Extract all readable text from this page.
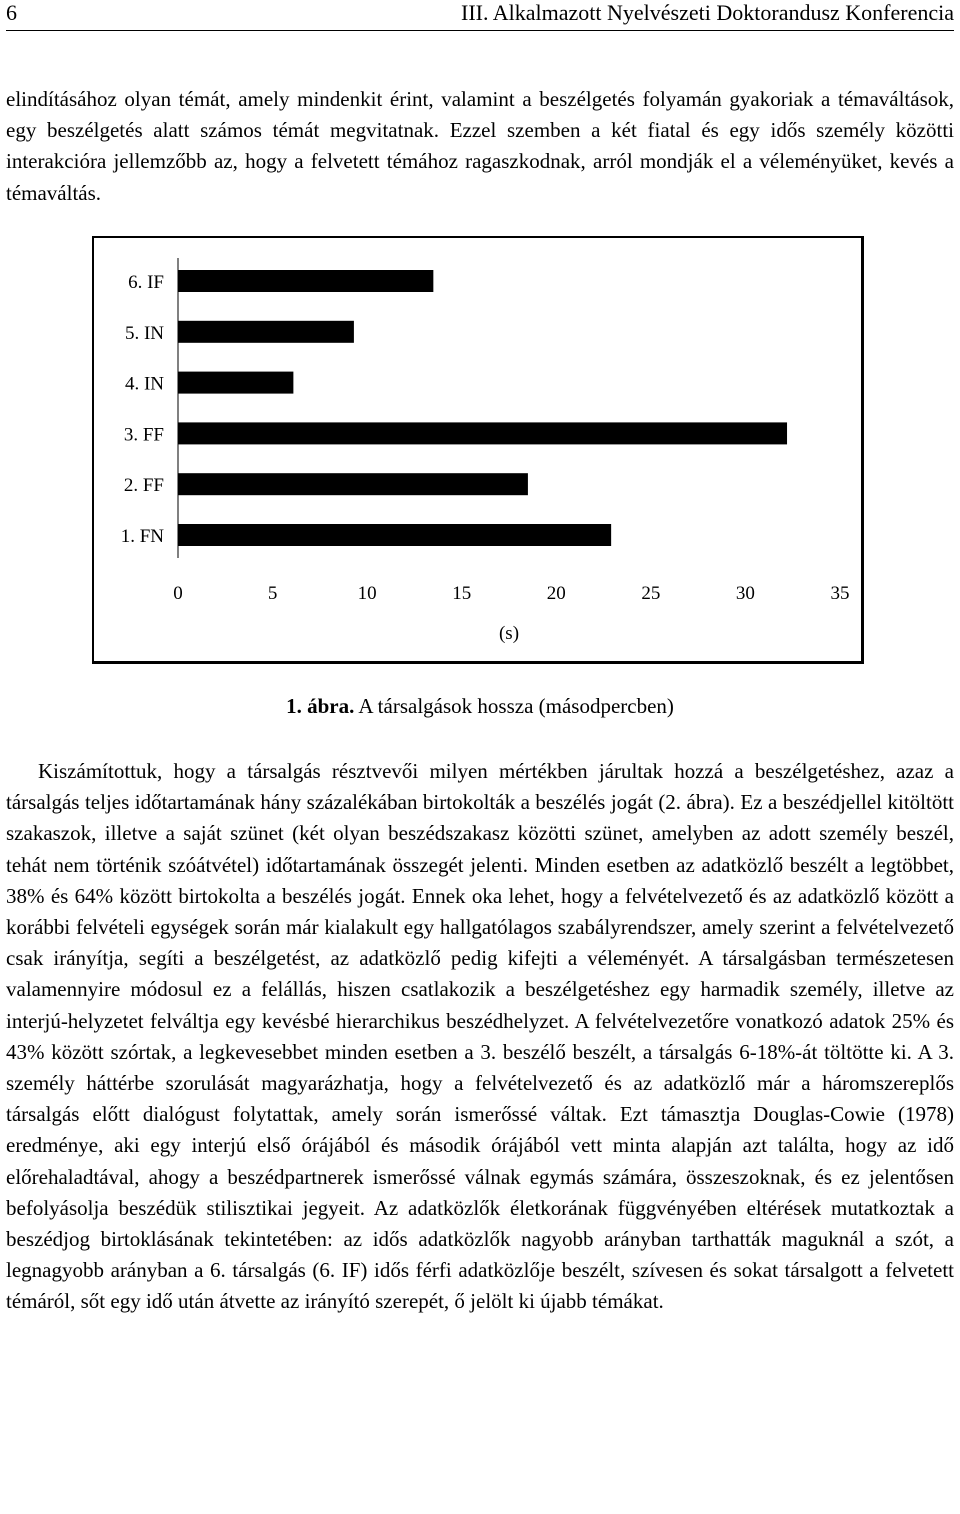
6	III. Alkalmazott Nyelvészeti Doktorandusz Konferencia

elindításához olyan témát, amely mindenkit érint, valamint a beszélgetés folyamán gyakoriak a témaváltások, egy beszélgetés alatt számos témát megvitatnak. Ezzel szemben a két fiatal és egy idős személy közötti interakcióra jellemzőbb az, hogy a felvetett témához ragaszkodnak, arról mondják el a véleményüket, kevés a témaváltás.

6. IF
5. IN
4. IN
3. FF
2. FF
1. FN
0	5	10	15	20	25	30	35
(s)
1. ábra. A társalgások hossza (másodpercben)

Kiszámítottuk, hogy a társalgás résztvevői milyen mértékben járultak hozzá a beszélgetéshez, azaz a társalgás teljes időtartamának hány százalékában birtokolták a beszélés jogát (2. ábra). Ez a beszédjellel kitöltött szakaszok, illetve a saját szünet (két olyan beszédszakasz közötti szünet, amelyben az adott személy beszél, tehát nem történik szóátvétel) időtartamának összegét jelenti. Minden esetben az adatközlő beszélt a legtöbbet, 38% és 64% között birtokolta a beszélés jogát. Ennek oka lehet, hogy a felvételvezető és az adatközlő között a korábbi felvételi egységek során már kialakult egy hallgatólagos szabályrendszer, amely szerint a felvételvezető csak irányítja, segíti a beszélgetést, az adatközlő pedig kifejti a véleményét. A társalgásban természetesen valamennyire módosul ez a felállás, hiszen csatlakozik a beszélgetéshez egy harmadik személy, illetve az interjú-helyzetet felváltja egy kevésbé hierarchikus beszédhelyzet. A felvételvezetőre vonatkozó adatok 25% és 43% között szórtak, a legkevesebbet minden esetben a 3. beszélő beszélt, a társalgás 6-18%-át töltötte ki. A 3. személy háttérbe szorulását magyarázhatja, hogy a felvételvezető és az adatközlő már a háromszereplős társalgás előtt dialógust folytattak, amely során ismerőssé váltak. Ezt támasztja Douglas-Cowie (1978) eredménye, aki egy interjú első órájából és második órájából vett minta alapján azt találta, hogy az idő előrehaladtával, ahogy a beszédpartnerek ismerőssé válnak egymás számára, összeszoknak, és ez jelentősen befolyásolja beszédük stilisztikai jegyeit. Az adatközlők életkorának függvényében eltérések mutatkoztak a beszédjog birtoklásának tekintetében: az idős adatközlők nagyobb arányban tarthatták maguknál a szót, a legnagyobb arányban a 6. társalgás (6. IF) idős férfi adatközlője beszélt, szívesen és sokat társalgott a felvetett témáról, sőt egy idő után átvette az irányító szerepét, ő jelölt ki újabb témákat.
